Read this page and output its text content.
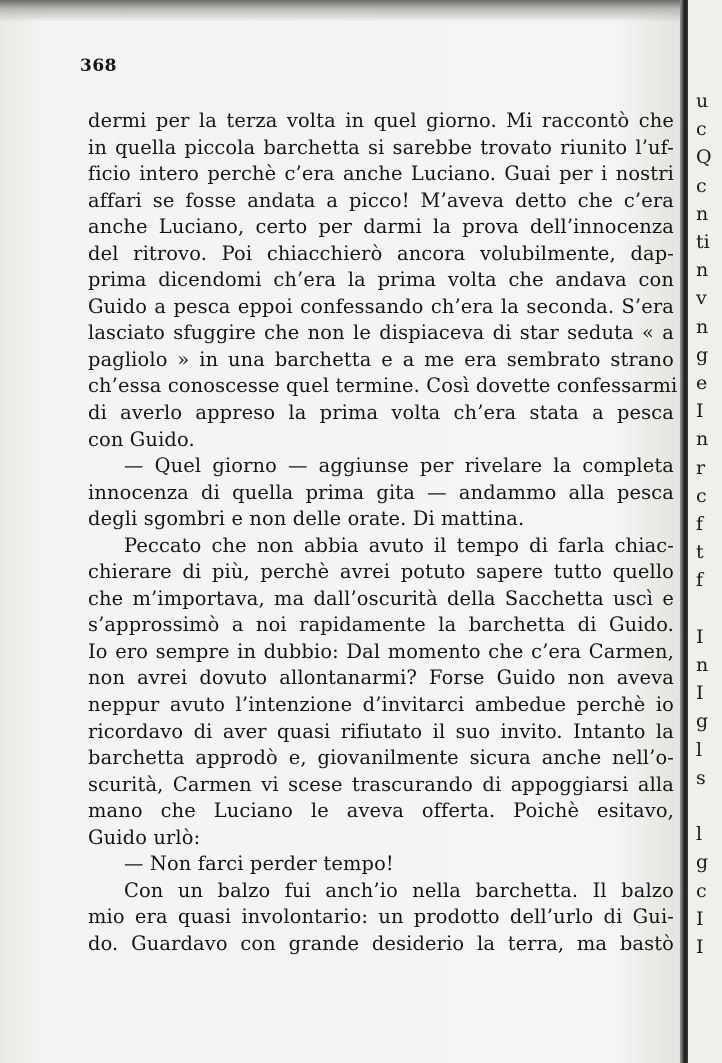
368
dermi per la terza volta in quel giorno. Mi raccontò che
in quella piccola barchetta si sarebbe trovato riunito l’uf-
ficio intero perchè c’era anche Luciano. Guai per i nostri
affari se fosse andata a picco! M’aveva detto che c’era
anche Luciano, certo per darmi la prova dell’innocenza
del ritrovo. Poi chiacchierò ancora volubilmente, dap-
prima dicendomi ch’era la prima volta che andava con
Guido a pesca eppoi confessando ch’era la seconda. S’era
lasciato sfuggire che non le dispiaceva di star seduta « a
pagliolo » in una barchetta e a me era sembrato strano
ch’essa conoscesse quel termine. Così dovette confessarmi
di averlo appreso la prima volta ch’era stata a pesca
con Guido.
— Quel giorno — aggiunse per rivelare la completa
innocenza di quella prima gita — andammo alla pesca
degli sgombri e non delle orate. Di mattina.
Peccato che non abbia avuto il tempo di farla chiac-
chierare di più, perchè avrei potuto sapere tutto quello
che m’importava, ma dall’oscurità della Sacchetta uscì e
s’approssimò a noi rapidamente la barchetta di Guido.
Io ero sempre in dubbio: Dal momento che c’era Carmen,
non avrei dovuto allontanarmi? Forse Guido non aveva
neppur avuto l’intenzione d’invitarci ambedue perchè io
ricordavo di aver quasi rifiutato il suo invito. Intanto la
barchetta approdò e, giovanilmente sicura anche nell’o-
scurità, Carmen vi scese trascurando di appoggiarsi alla
mano che Luciano le aveva offerta. Poichè esitavo,
Guido urlò:
— Non farci perder tempo!
Con un balzo fui anch’io nella barchetta. Il balzo
mio era quasi involontario: un prodotto dell’urlo di Gui-
do. Guardavo con grande desiderio la terra, ma bastò
u
c
Q
c
n
ti
n
v
n
g
e
I
n
r
c
f
t
f
I
n
I
g
l
s
l
g
c
I
I
